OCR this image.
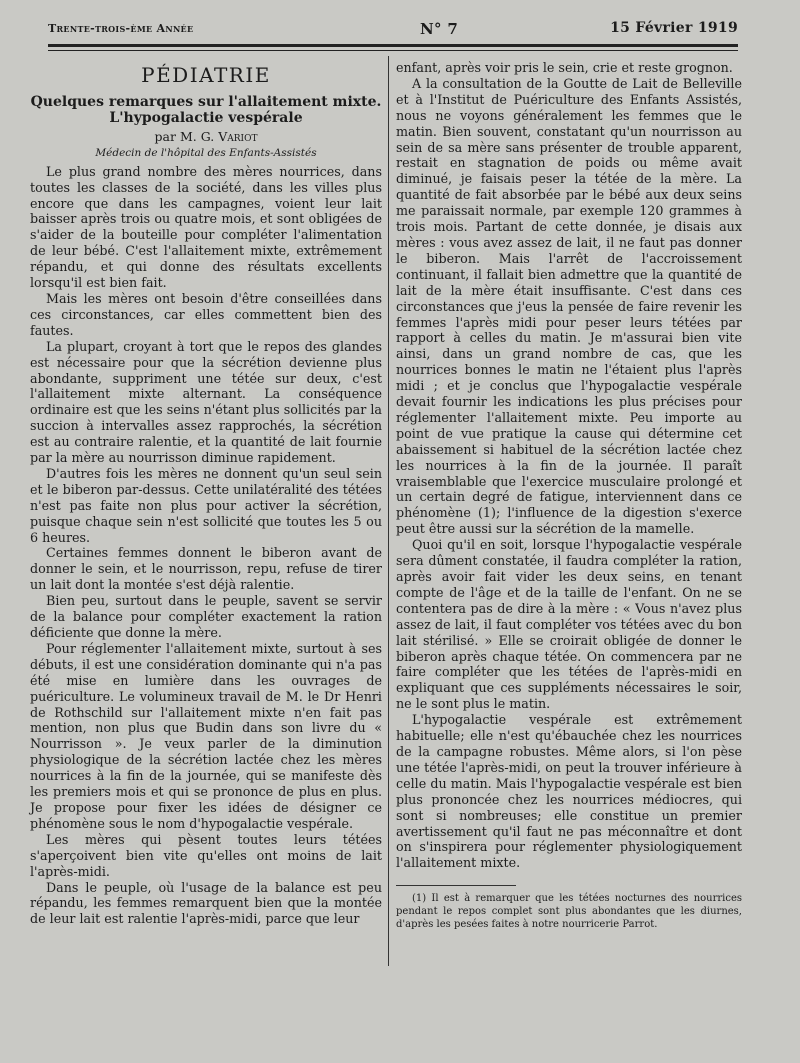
Trente-trois-ème Année	N° 7	15 Février 1919
PÉDIATRIE
Quelques remarques sur l'allaitement mixte.
L'hypogalactie vespérale
par M. G. Variot
Médecin de l'hôpital des Enfants-Assistés

Le plus grand nombre des mères nourrices, dans toutes les classes de la société, dans les villes plus encore que dans les campagnes, voient leur lait baisser après trois ou quatre mois, et sont obligées de s'aider de la bouteille pour compléter l'alimentation de leur bébé. C'est l'allaitement mixte, extrêmement répandu, et qui donne des résultats excellents lorsqu'il est bien fait.

Mais les mères ont besoin d'être conseillées dans ces circonstances, car elles commettent bien des fautes.

La plupart, croyant à tort que le repos des glandes est nécessaire pour que la sécrétion devienne plus abondante, suppriment une tétée sur deux, c'est l'allaitement mixte alternant. La conséquence ordinaire est que les seins n'étant plus sollicités par la succion à intervalles assez rapprochés, la sécrétion est au contraire ralentie, et la quantité de lait fournie par la mère au nourrisson diminue rapidement.

D'autres fois les mères ne donnent qu'un seul sein et le biberon par-dessus. Cette unilatéralité des tétées n'est pas faite non plus pour activer la sécrétion, puisque chaque sein n'est sollicité que toutes les 5 ou 6 heures.

Certaines femmes donnent le biberon avant de donner le sein, et le nourrisson, repu, refuse de tirer un lait dont la montée s'est déjà ralentie.

Bien peu, surtout dans le peuple, savent se servir de la balance pour compléter exactement la ration déficiente que donne la mère.

Pour réglementer l'allaitement mixte, surtout à ses débuts, il est une considération dominante qui n'a pas été mise en lumière dans les ouvrages de puériculture. Le volumineux travail de M. le Dr Henri de Rothschild sur l'allaitement mixte n'en fait pas mention, non plus que Budin dans son livre du « Nourrisson ». Je veux parler de la diminution physiologique de la sécrétion lactée chez les mères nourrices à la fin de la journée, qui se manifeste dès les premiers mois et qui se prononce de plus en plus. Je propose pour fixer les idées de désigner ce phénomène sous le nom d'hypogalactie vespérale.

Les mères qui pèsent toutes leurs tétées s'aperçoivent bien vite qu'elles ont moins de lait l'après-midi.

Dans le peuple, où l'usage de la balance est peu répandu, les femmes remarquent bien que la montée de leur lait est ralentie l'après-midi, parce que leur

enfant, après voir pris le sein, crie et reste grognon.

A la consultation de la Goutte de Lait de Belleville et à l'Institut de Puériculture des Enfants Assistés, nous ne voyons généralement les femmes que le matin. Bien souvent, constatant qu'un nourrisson au sein de sa mère sans présenter de trouble apparent, restait en stagnation de poids ou même avait diminué, je faisais peser la tétée de la mère. La quantité de fait absorbée par le bébé aux deux seins me paraissait normale, par exemple 120 grammes à trois mois. Partant de cette donnée, je disais aux mères : vous avez assez de lait, il ne faut pas donner le biberon. Mais l'arrêt de l'accroissement continuant, il fallait bien admettre que la quantité de lait de la mère était insuffisante. C'est dans ces circonstances que j'eus la pensée de faire revenir les femmes l'après midi pour peser leurs tétées par rapport à celles du matin. Je m'assurai bien vite ainsi, dans un grand nombre de cas, que les nourrices bonnes le matin ne l'étaient plus l'après midi ; et je conclus que l'hypogalactie vespérale devait fournir les indications les plus précises pour réglementer l'allaitement mixte. Peu importe au point de vue pratique la cause qui détermine cet abaissement si habituel de la sécrétion lactée chez les nourrices à la fin de la journée. Il paraît vraisemblable que l'exercice musculaire prolongé et un certain degré de fatigue, interviennent dans ce phénomène (1); l'influence de la digestion s'exerce peut être aussi sur la sécrétion de la mamelle.

Quoi qu'il en soit, lorsque l'hypogalactie vespérale sera dûment constatée, il faudra compléter la ration, après avoir fait vider les deux seins, en tenant compte de l'âge et de la taille de l'enfant. On ne se contentera pas de dire à la mère : « Vous n'avez plus assez de lait, il faut compléter vos tétées avec du bon lait stérilisé. » Elle se croirait obligée de donner le biberon après chaque tétée. On commencera par ne faire compléter que les tétées de l'après-midi en expliquant que ces suppléments nécessaires le soir, ne le sont plus le matin.

L'hypogalactie vespérale est extrêmement habituelle; elle n'est qu'ébauchée chez les nourrices de la campagne robustes. Même alors, si l'on pèse une tétée l'après-midi, on peut la trouver inférieure à celle du matin. Mais l'hypogalactie vespérale est bien plus prononcée chez les nourrices médiocres, qui sont si nombreuses; elle constitue un premier avertissement qu'il faut ne pas méconnaître et dont on s'inspirera pour réglementer physiologiquement l'allaitement mixte.

(1) Il est à remarquer que les tétées nocturnes des nourrices pendant le repos complet sont plus abondantes que les diurnes, d'après les pesées faites à notre nourricerie Parrot.
